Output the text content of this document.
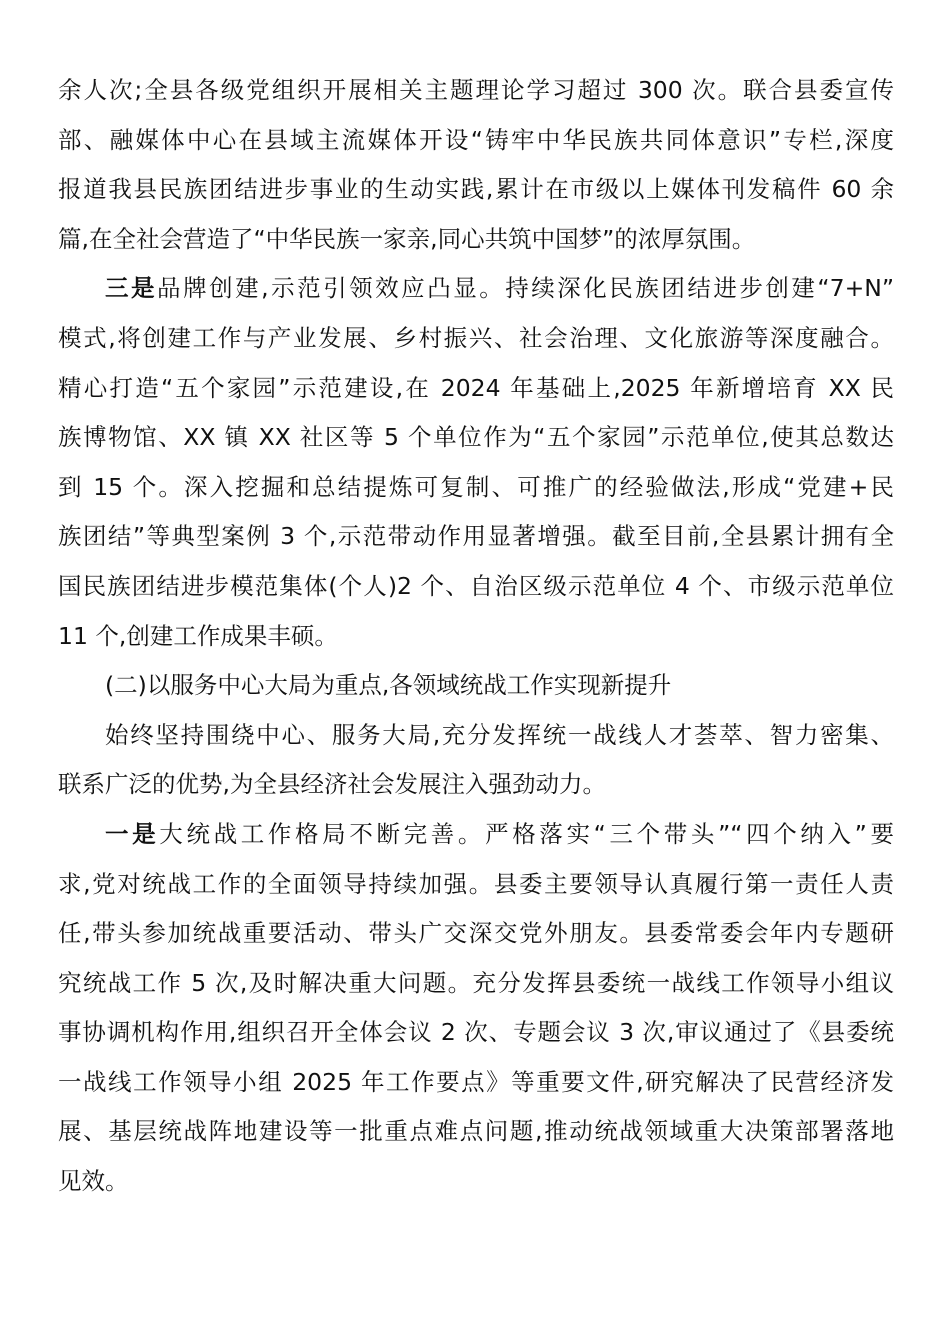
余人次;全县各级党组织开展相关主题理论学习超过 300 次。联合县委宣传
部、融媒体中心在县域主流媒体开设“铸牢中华民族共同体意识”专栏,深度
报道我县民族团结进步事业的生动实践,累计在市级以上媒体刊发稿件 60 余
篇,在全社会营造了“中华民族一家亲,同心共筑中国梦”的浓厚氛围。

三是品牌创建,示范引领效应凸显。持续深化民族团结进步创建“7+N”
模式,将创建工作与产业发展、乡村振兴、社会治理、文化旅游等深度融合。
精心打造“五个家园”示范建设,在 2024 年基础上,2025 年新增培育 XX 民
族博物馆、XX 镇 XX 社区等 5 个单位作为“五个家园”示范单位,使其总数达
到 15 个。深入挖掘和总结提炼可复制、可推广的经验做法,形成“党建+民
族团结”等典型案例 3 个,示范带动作用显著增强。截至目前,全县累计拥有全
国民族团结进步模范集体(个人)2 个、自治区级示范单位 4 个、市级示范单位
11 个,创建工作成果丰硕。

(二)以服务中心大局为重点,各领域统战工作实现新提升

始终坚持围绕中心、服务大局,充分发挥统一战线人才荟萃、智力密集、
联系广泛的优势,为全县经济社会发展注入强劲动力。

一是大统战工作格局不断完善。严格落实“三个带头”“四个纳入”要
求,党对统战工作的全面领导持续加强。县委主要领导认真履行第一责任人责
任,带头参加统战重要活动、带头广交深交党外朋友。县委常委会年内专题研
究统战工作 5 次,及时解决重大问题。充分发挥县委统一战线工作领导小组议
事协调机构作用,组织召开全体会议 2 次、专题会议 3 次,审议通过了《县委统
一战线工作领导小组 2025 年工作要点》等重要文件,研究解决了民营经济发
展、基层统战阵地建设等一批重点难点问题,推动统战领域重大决策部署落地
见效。
